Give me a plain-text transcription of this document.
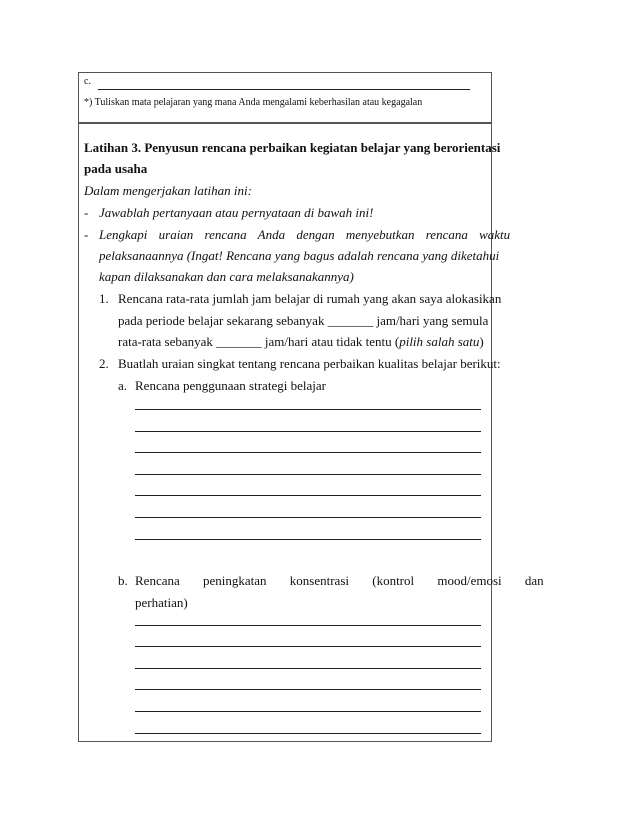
c.
*) Tuliskan mata pelajaran yang mana Anda mengalami keberhasilan atau kegagalan
Latihan 3. Penyusun rencana perbaikan kegiatan belajar yang berorientasi
pada usaha
Dalam mengerjakan latihan ini:
- Jawablah pertanyaan atau pernyataan di bawah ini!
- Lengkapi uraian rencana Anda dengan menyebutkan rencana waktu
pelaksanaannya (Ingat! Rencana yang bagus adalah rencana yang diketahui
kapan dilaksanakan dan cara melaksanakannya)
1. Rencana rata-rata jumlah jam belajar di rumah yang akan saya alokasikan
pada periode belajar sekarang sebanyak _______ jam/hari yang semula
rata-rata sebanyak _______ jam/hari atau tidak tentu (pilih salah satu)
2. Buatlah uraian singkat tentang rencana perbaikan kualitas belajar berikut:
a. Rencana penggunaan strategi belajar
b. Rencana peningkatan konsentrasi (kontrol mood/emosi dan
perhatian)
